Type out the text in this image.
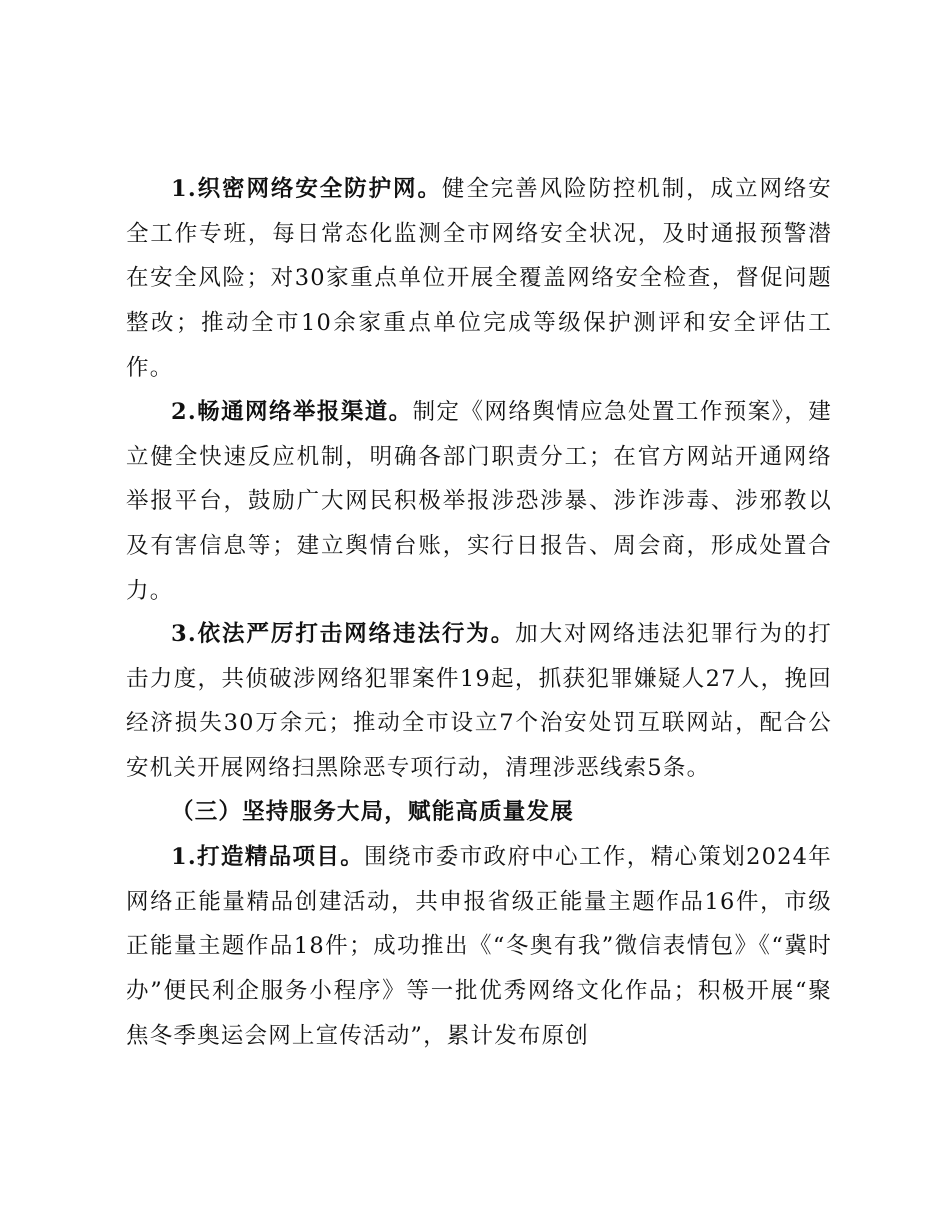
1.织密网络安全防护网。健全完善风险防控机制，成立网络安全工作专班，每日常态化监测全市网络安全状况，及时通报预警潜在安全风险；对30家重点单位开展全覆盖网络安全检查，督促问题整改；推动全市10余家重点单位完成等级保护测评和安全评估工作。

2.畅通网络举报渠道。制定《网络舆情应急处置工作预案》，建立健全快速反应机制，明确各部门职责分工；在官方网站开通网络举报平台，鼓励广大网民积极举报涉恐涉暴、涉诈涉毒、涉邪教以及有害信息等；建立舆情台账，实行日报告、周会商，形成处置合力。

3.依法严厉打击网络违法行为。加大对网络违法犯罪行为的打击力度，共侦破涉网络犯罪案件19起，抓获犯罪嫌疑人27人，挽回经济损失30万余元；推动全市设立7个治安处罚互联网站，配合公安机关开展网络扫黑除恶专项行动，清理涉恶线索5条。

（三）坚持服务大局，赋能高质量发展

1.打造精品项目。围绕市委市政府中心工作，精心策划2024年网络正能量精品创建活动，共申报省级正能量主题作品16件，市级正能量主题作品18件；成功推出《“冬奥有我”微信表情包》《“冀时办”便民利企服务小程序》等一批优秀网络文化作品；积极开展“聚焦冬季奥运会网上宣传活动”，累计发布原创
